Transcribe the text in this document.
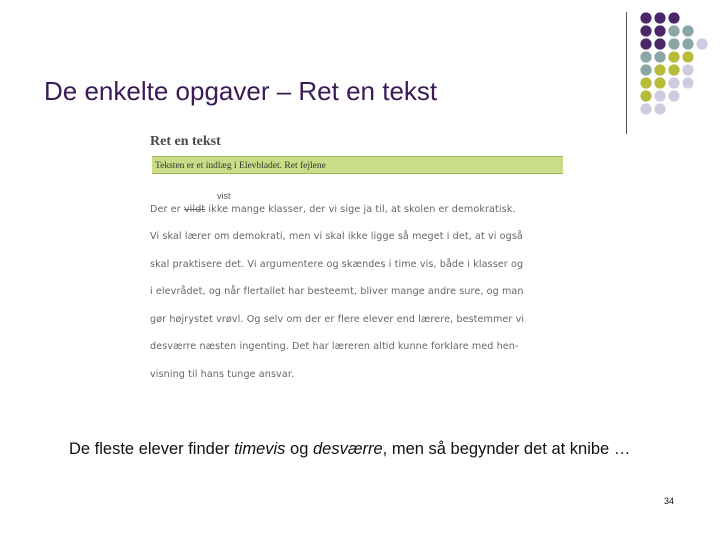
De enkelte opgaver – Ret en tekst
Ret en tekst
Teksten er et indlæg i Elevbladet. Ret fejlene
vist
Der er vildt ikke mange klasser, der vi sige ja til, at skolen er demokratisk.
Vi skal lærer om demokrati, men vi skal ikke ligge så meget i det, at vi også
skal praktisere det. Vi argumentere og skændes i time vis, både i klasser og
i elevrådet, og når flertallet har besteemt, bliver mange andre sure, og man
gør højrystet vrøvl. Og selv om der er flere elever end lærere, bestemmer vi
desværre næsten ingenting. Det har læreren altid kunne forklare med hen-
visning til hans tunge ansvar.
De fleste elever finder timevis og desværre, men så begynder det at knibe …
34
